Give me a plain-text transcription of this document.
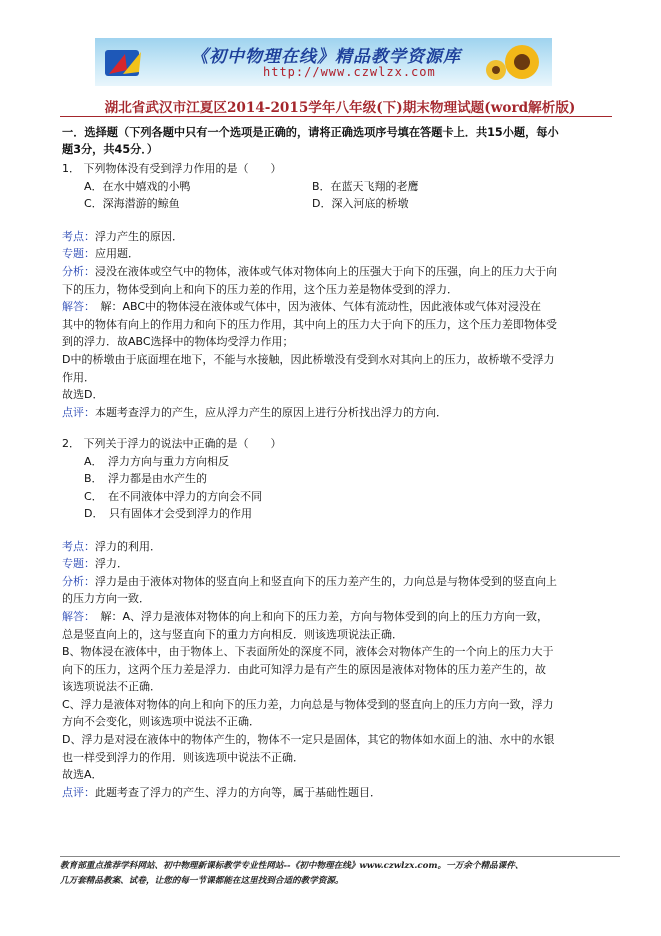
《初中物理在线》精品教学资源库
http://www.czwlzx.com
湖北省武汉市江夏区2014-2015学年八年级(下)期末物理试题(word解析版)
一．选择题（下列各题中只有一个选项是正确的，请将正确选项序号填在答题卡上．共15小题，每小
题3分，共45分．）
1． 下列物体没有受到浮力作用的是（　　）
A．在水中嬉戏的小鸭	B．在蓝天飞翔的老鹰
C．深海潜游的鲸鱼	D．深入河底的桥墩
考点：浮力产生的原因．
专题：应用题．
分析：浸没在液体或空气中的物体，液体或气体对物体向上的压强大于向下的压强，向上的压力大于向
下的压力，物体受到向上和向下的压力差的作用，这个压力差是物体受到的浮力．
解答：　解：ABC中的物体浸在液体或气体中，因为液体、气体有流动性，因此液体或气体对浸没在
其中的物体有向上的作用力和向下的压力作用，其中向上的压力大于向下的压力，这个压力差即物体受
到的浮力．故ABC选择中的物体均受浮力作用；
D中的桥墩由于底面埋在地下，不能与水接触，因此桥墩没有受到水对其向上的压力，故桥墩不受浮力
作用．
故选D．
点评：本题考查浮力的产生，应从浮力产生的原因上进行分析找出浮力的方向．
2． 下列关于浮力的说法中正确的是（　　）
A．　浮力方向与重力方向相反
B．　浮力都是由水产生的
C．　在不同液体中浮力的方向会不同
D．　只有固体才会受到浮力的作用
考点：浮力的利用．
专题：浮力．
分析：浮力是由于液体对物体的竖直向上和竖直向下的压力差产生的，力向总是与物体受到的竖直向上
的压力方向一致．
解答：　解：A、浮力是液体对物体的向上和向下的压力差，方向与物体受到的向上的压力方向一致，
总是竖直向上的，这与竖直向下的重力方向相反．则该选项说法正确．
B、物体浸在液体中，由于物体上、下表面所处的深度不同，液体会对物体产生的一个向上的压力大于
向下的压力，这两个压力差是浮力．由此可知浮力是有产生的原因是液体对物体的压力差产生的，故
该选项说法不正确．
C、浮力是液体对物体的向上和向下的压力差，力向总是与物体受到的竖直向上的压力方向一致，浮力
方向不会变化，则该选项中说法不正确．
D、浮力是对浸在液体中的物体产生的，物体不一定只是固体，其它的物体如水面上的油、水中的水银
也一样受到浮力的作用．则该选项中说法不正确．
故选A．
点评：此题考查了浮力的产生、浮力的方向等，属于基础性题目．
教育部重点推荐学科网站、初中物理新课标教学专业性网站--《初中物理在线》www.czwlzx.com。一万余个精品课件、
几万套精品教案、试卷，让您的每一节课都能在这里找到合适的教学资源。
